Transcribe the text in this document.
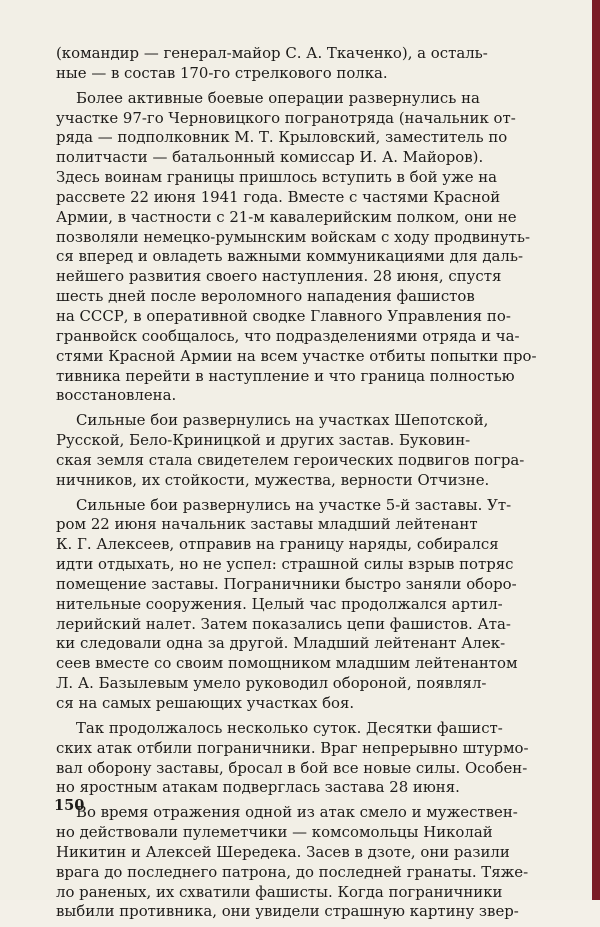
(командир — генерал-майор С. А. Ткаченко), а осталь-
ные — в состав 170-го стрелкового полка.

Более активные боевые операции развернулись на
участке 97-го Черновицкого погранотряда (начальник от-
ряда — подполковник М. Т. Крыловский, заместитель по
политчасти — батальонный комиссар И. А. Майоров).
Здесь воинам границы пришлось вступить в бой уже на
рассвете 22 июня 1941 года. Вместе с частями Красной
Армии, в частности с 21-м кавалерийским полком, они не
позволяли немецко-румынским войскам с ходу продвинуть-
ся вперед и овладеть важными коммуникациями для даль-
нейшего развития своего наступления. 28 июня, спустя
шесть дней после вероломного нападения фашистов
на СССР, в оперативной сводке Главного Управления по-
гранвойск сообщалось, что подразделениями отряда и ча-
стями Красной Армии на всем участке отбиты попытки про-
тивника перейти в наступление и что граница полностью
восстановлена.

Сильные бои развернулись на участках Шепотской,
Русской, Бело-Криницкой и других застав. Буковин-
ская земля стала свидетелем героических подвигов погра-
ничников, их стойкости, мужества, верности Отчизне.

Сильные бои развернулись на участке 5-й заставы. Ут-
ром 22 июня начальник заставы младший лейтенант
К. Г. Алексеев, отправив на границу наряды, собирался
идти отдыхать, но не успел: страшной силы взрыв потряс
помещение заставы. Пограничники быстро заняли оборо-
нительные сооружения. Целый час продолжался артил-
лерийский налет. Затем показались цепи фашистов. Ата-
ки следовали одна за другой. Младший лейтенант Алек-
сеев вместе со своим помощником младшим лейтенантом
Л. А. Базылевым умело руководил обороной, появлял-
ся на самых решающих участках боя.

Так продолжалось несколько суток. Десятки фашист-
ских атак отбили пограничники. Враг непрерывно штурмо-
вал оборону заставы, бросал в бой все новые силы. Особен-
но яростным атакам подверглась застава 28 июня.

Во время отражения одной из атак смело и мужествен-
но действовали пулеметчики — комсомольцы Николай
Никитин и Алексей Шередека. Засев в дзоте, они разили
врага до последнего патрона, до последней гранаты. Тяже-
ло раненых, их схватили фашисты. Когда пограничники
выбили противника, они увидели страшную картину звер-

150
